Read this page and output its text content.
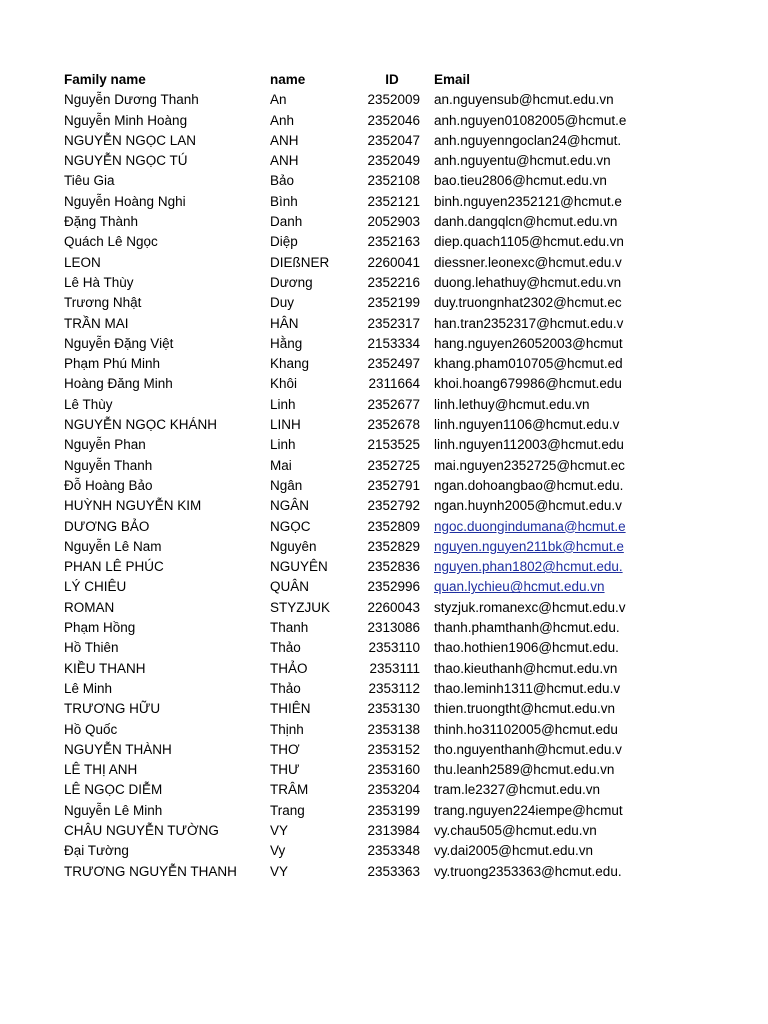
Family name	name	ID	Email
Nguyễn Dương Thanh	An	2352009 an.nguyensub@hcmut.edu.vn
Nguyễn Minh Hoàng	Anh	2352046 anh.nguyen01082005@hcmut.e
NGUYỄN NGỌC LAN	ANH	2352047 anh.nguyenngoclan24@hcmut.
NGUYỄN NGỌC TÚ	ANH	2352049 anh.nguyentu@hcmut.edu.vn
Tiêu Gia	Bảo	2352108 bao.tieu2806@hcmut.edu.vn
Nguyễn Hoàng Nghi	Bình	2352121 binh.nguyen2352121@hcmut.e
Đặng Thành	Danh	2052903 danh.dangqlcn@hcmut.edu.vn
Quách Lê Ngọc	Diệp	2352163 diep.quach1105@hcmut.edu.vn
LEON	DIEßNER	2260041 diessner.leonexc@hcmut.edu.v
Lê Hà Thùy	Dương	2352216 duong.lehathuy@hcmut.edu.vn
Trương Nhật	Duy	2352199 duy.truongnhat2302@hcmut.ec
TRẦN MAI	HÂN	2352317 han.tran2352317@hcmut.edu.v
Nguyễn Đặng Việt	Hằng	2153334 hang.nguyen26052003@hcmut
Phạm Phú Minh	Khang	2352497 khang.pham010705@hcmut.ed
Hoàng Đăng Minh	Khôi	2311664 khoi.hoang679986@hcmut.edu
Lê Thùy	Linh	2352677 linh.lethuy@hcmut.edu.vn
NGUYỄN NGỌC KHÁNH	LINH	2352678 linh.nguyen1106@hcmut.edu.v
Nguyễn Phan	Linh	2153525 linh.nguyen112003@hcmut.edu
Nguyễn Thanh	Mai	2352725 mai.nguyen2352725@hcmut.ec
Đỗ Hoàng Bảo	Ngân	2352791 ngan.dohoangbao@hcmut.edu.
HUỲNH NGUYỄN KIM	NGÂN	2352792 ngan.huynh2005@hcmut.edu.v
DƯƠNG BẢO	NGỌC	2352809 ngoc.duongindumana@hcmut.e
Nguyễn Lê Nam	Nguyên	2352829 nguyen.nguyen211bk@hcmut.e
PHAN LÊ PHÚC	NGUYÊN	2352836 nguyen.phan1802@hcmut.edu.
LÝ CHIÊU	QUÂN	2352996 quan.lychieu@hcmut.edu.vn
ROMAN	STYZJUK	2260043 styzjuk.romanexc@hcmut.edu.v
Phạm Hồng	Thanh	2313086 thanh.phamthanh@hcmut.edu.
Hồ Thiên	Thảo	2353110 thao.hothien1906@hcmut.edu.
KIỀU THANH	THẢO	2353111 thao.kieuthanh@hcmut.edu.vn
Lê Minh	Thảo	2353112 thao.leminh1311@hcmut.edu.v
TRƯƠNG HỮU	THIÊN	2353130 thien.truongtht@hcmut.edu.vn
Hồ Quốc	Thịnh	2353138 thinh.ho31102005@hcmut.edu
NGUYỄN THÀNH	THƠ	2353152 tho.nguyenthanh@hcmut.edu.v
LÊ THỊ ANH	THƯ	2353160 thu.leanh2589@hcmut.edu.vn
LÊ NGỌC DIỄM	TRÂM	2353204 tram.le2327@hcmut.edu.vn
Nguyễn Lê Minh	Trang	2353199 trang.nguyen224iempe@hcmut
CHÂU NGUYỄN TƯỜNG	VY	2313984 vy.chau505@hcmut.edu.vn
Đại Tường	Vy	2353348 vy.dai2005@hcmut.edu.vn
TRƯƠNG NGUYỄN THANH	VY	2353363 vy.truong2353363@hcmut.edu.
